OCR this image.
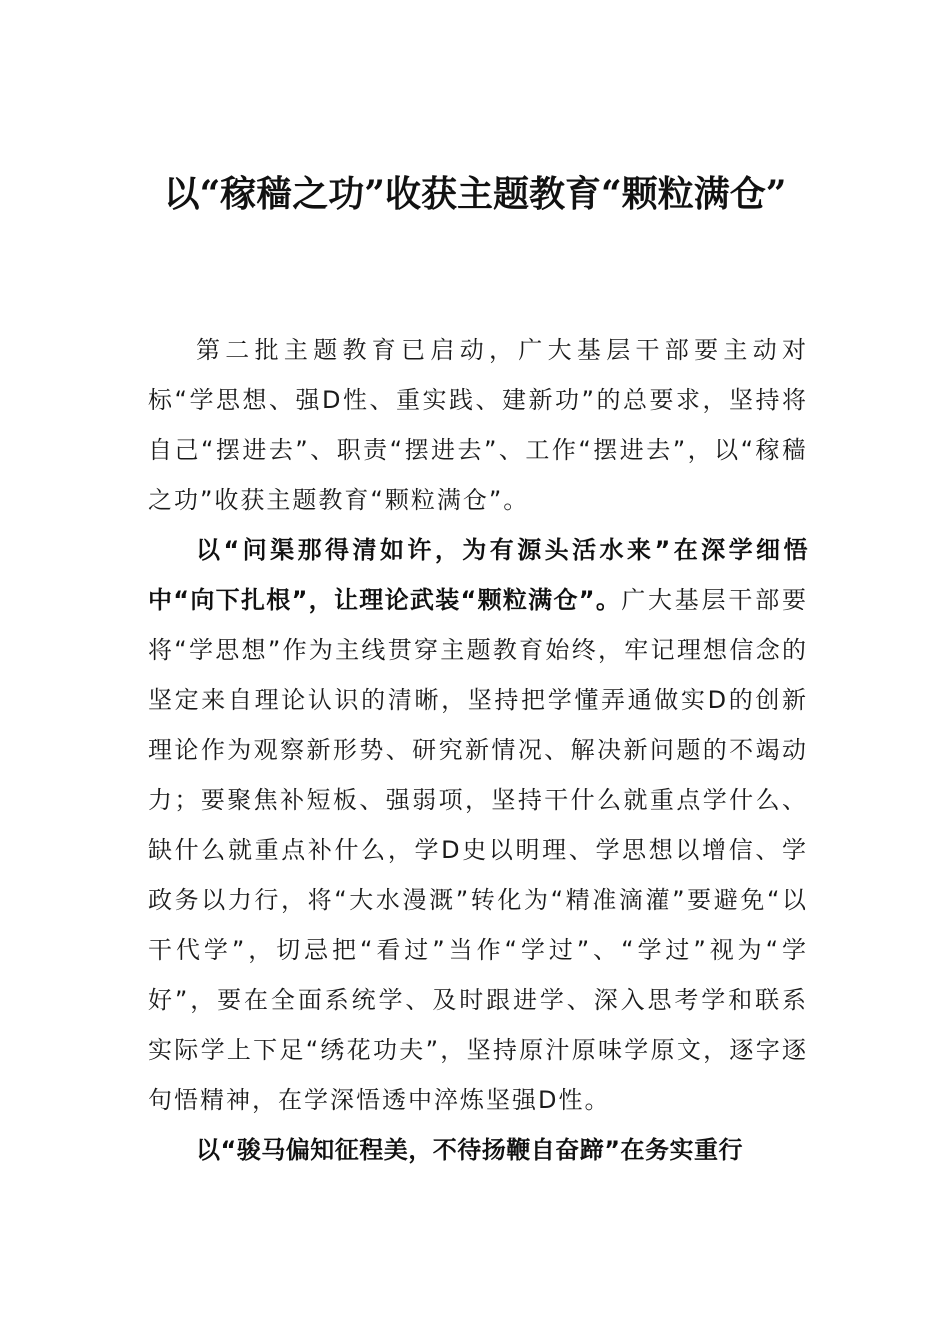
以“稼穑之功”收获主题教育“颗粒满仓”

第二批主题教育已启动，广大基层干部要主动对标“学思想、强D性、重实践、建新功”的总要求，坚持将自己“摆进去”、职责“摆进去”、工作“摆进去”，以“稼穑之功”收获主题教育“颗粒满仓”。

以“问渠那得清如许，为有源头活水来”在深学细悟中“向下扎根”，让理论武装“颗粒满仓”。广大基层干部要将“学思想”作为主线贯穿主题教育始终，牢记理想信念的坚定来自理论认识的清晰，坚持把学懂弄通做实D的创新理论作为观察新形势、研究新情况、解决新问题的不竭动力；要聚焦补短板、强弱项，坚持干什么就重点学什么、缺什么就重点补什么，学D史以明理、学思想以增信、学政务以力行，将“大水漫溉”转化为“精准滴灌”要避免“以干代学”，切忌把“看过”当作“学过”、“学过”视为“学好”，要在全面系统学、及时跟进学、深入思考学和联系实际学上下足“绣花功夫”，坚持原汁原味学原文，逐字逐句悟精神，在学深悟透中淬炼坚强D性。

以“骏马偏知征程美，不待扬鞭自奋蹄”在务实重行
